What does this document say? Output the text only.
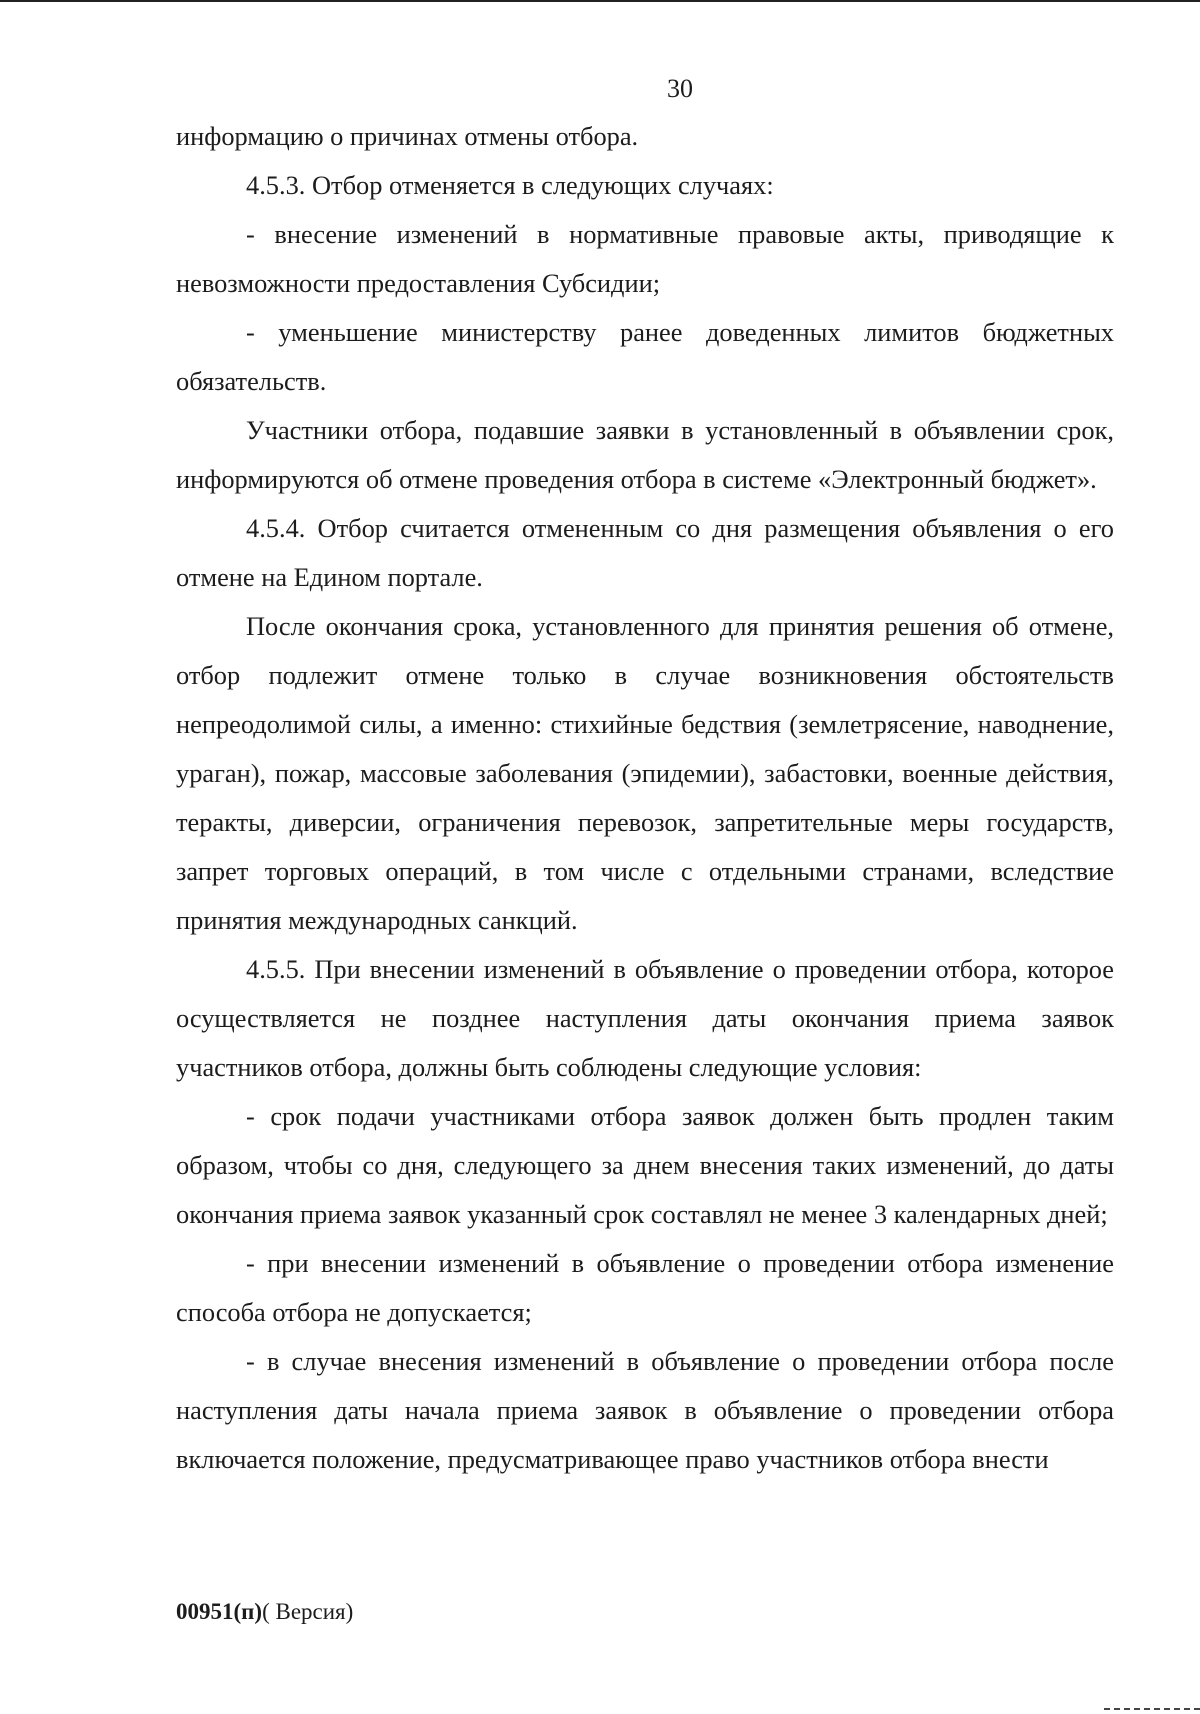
30

информацию о причинах отмены отбора.

4.5.3. Отбор отменяется в следующих случаях:

- внесение изменений в нормативные правовые акты, приводящие к невозможности предоставления Субсидии;

- уменьшение министерству ранее доведенных лимитов бюджетных обязательств.

Участники отбора, подавшие заявки в установленный в объявлении срок, информируются об отмене проведения отбора в системе «Электронный бюджет».

4.5.4. Отбор считается отмененным со дня размещения объявления о его отмене на Едином портале.

После окончания срока, установленного для принятия решения об отмене, отбор подлежит отмене только в случае возникновения обстоятельств непреодолимой силы, а именно: стихийные бедствия (землетрясение, наводнение, ураган), пожар, массовые заболевания (эпидемии), забастовки, военные действия, теракты, диверсии, ограничения перевозок, запретительные меры государств, запрет торговых операций, в том числе с отдельными странами, вследствие принятия международных санкций.

4.5.5. При внесении изменений в объявление о проведении отбора, которое осуществляется не позднее наступления даты окончания приема заявок участников отбора, должны быть соблюдены следующие условия:

- срок подачи участниками отбора заявок должен быть продлен таким образом, чтобы со дня, следующего за днем внесения таких изменений, до даты окончания приема заявок указанный срок составлял не менее 3 календарных дней;

- при внесении изменений в объявление о проведении отбора изменение способа отбора не допускается;

- в случае внесения изменений в объявление о проведении отбора после наступления даты начала приема заявок в объявление о проведении отбора включается положение, предусматривающее право участников отбора внести

00951(п)( Версия)
